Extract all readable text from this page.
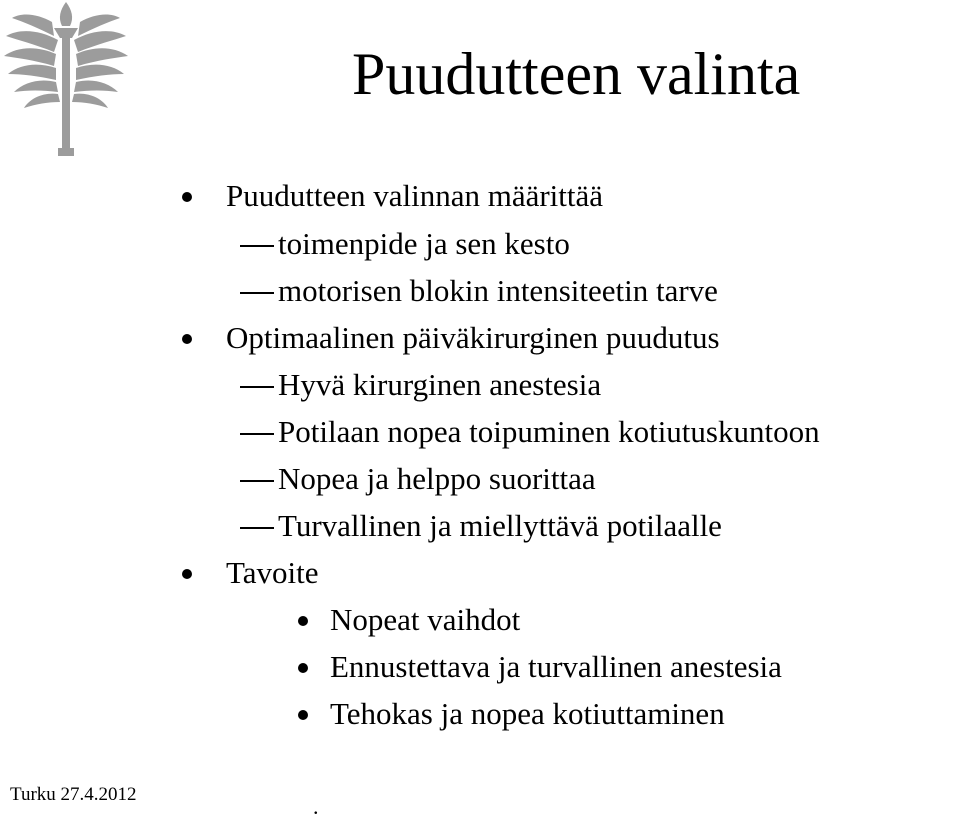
Puudutteen valinta
Puudutteen valinnan määrittää
toimenpide ja sen kesto
motorisen blokin intensiteetin tarve
Optimaalinen päiväkirurginen puudutus
Hyvä kirurginen anestesia
Potilaan nopea toipuminen kotiutuskuntoon
Nopea ja helppo suorittaa
Turvallinen ja miellyttävä potilaalle
Tavoite
Nopeat vaihdot
Ennustettava ja turvallinen anestesia
Tehokas ja nopea kotiuttaminen
Turku 27.4.2012	.
